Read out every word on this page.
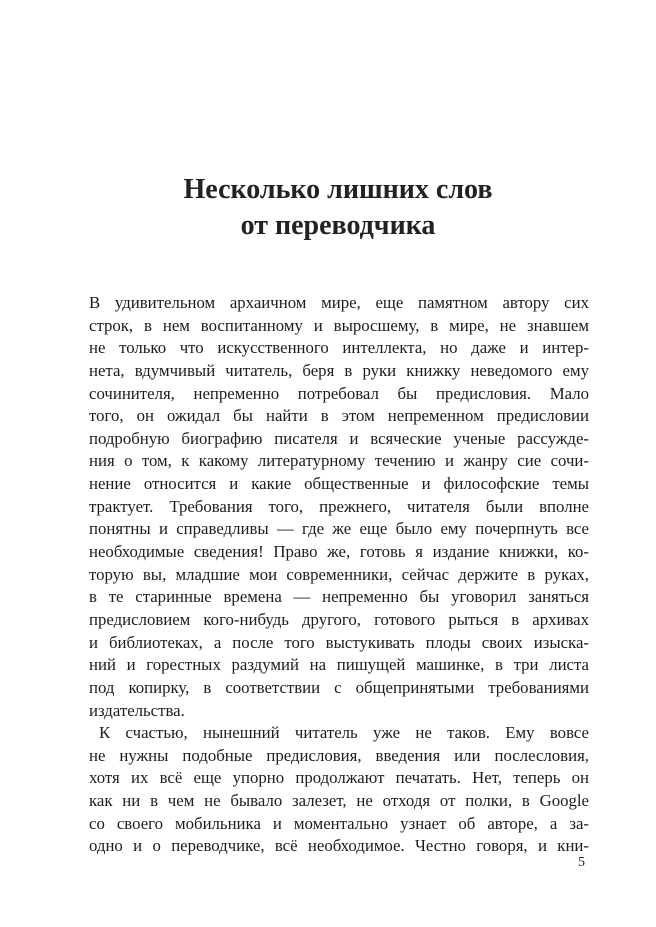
Несколько лишних слов
от переводчика
В удивительном архаичном мире, еще памятном автору сих
строк, в нем воспитанному и выросшему, в мире, не знавшем
не только что искусственного интеллекта, но даже и интер-
нета, вдумчивый читатель, беря в руки книжку неведомого ему
сочинителя, непременно потребовал бы предисловия. Мало
того, он ожидал бы найти в этом непременном предисловии
подробную биографию писателя и всяческие ученые рассужде-
ния о том, к какому литературному течению и жанру сие сочи-
нение относится и какие общественные и философские темы
трактует. Требования того, прежнего, читателя были вполне
понятны и справедливы — где же еще было ему почерпнуть все
необходимые сведения! Право же, готовь я издание книжки, ко-
торую вы, младшие мои современники, сейчас держите в руках,
в те старинные времена — непременно бы уговорил заняться
предисловием кого-нибудь другого, готового рыться в архивах
и библиотеках, а после того выстукивать плоды своих изыска-
ний и горестных раздумий на пишущей машинке, в три листа
под копирку, в соответствии с общепринятыми требованиями
издательства.
К счастью, нынешний читатель уже не таков. Ему вовсе
не нужны подобные предисловия, введения или послесловия,
хотя их всё еще упорно продолжают печатать. Нет, теперь он
как ни в чем не бывало залезет, не отходя от полки, в Google
со своего мобильника и моментально узнает об авторе, а за-
одно и о переводчике, всё необходимое. Честно говоря, и кни-
5
